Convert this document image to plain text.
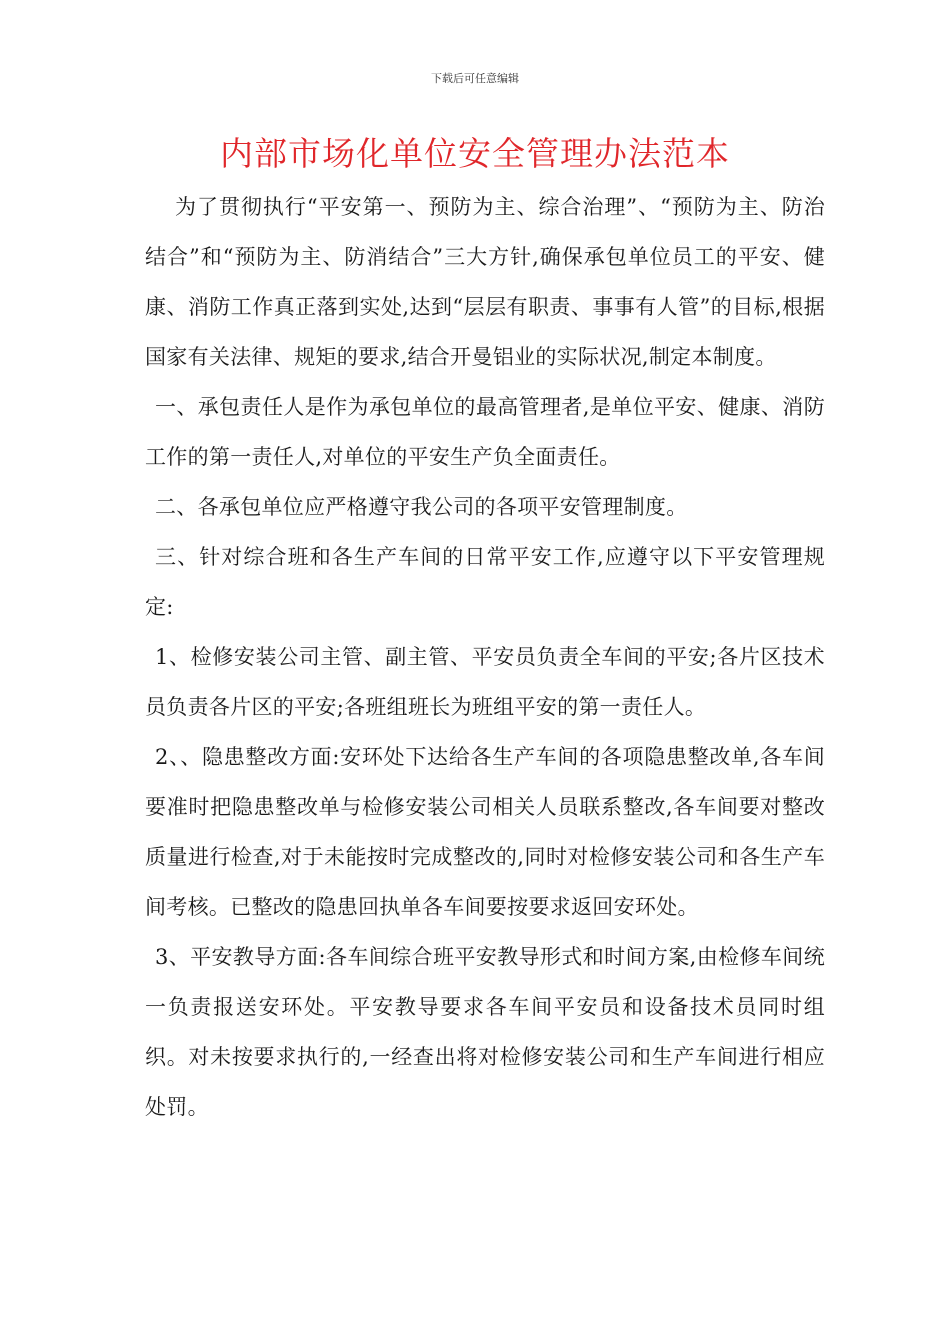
下载后可任意编辑
内部市场化单位安全管理办法范本

为了贯彻执行“平安第一、预防为主、综合治理”、“预防为主、防治结合”和“预防为主、防消结合”三大方针,确保承包单位员工的平安、健康、消防工作真正落到实处,达到“层层有职责、事事有人管”的目标,根据国家有关法律、规矩的要求,结合开曼铝业的实际状况,制定本制度。

一、承包责任人是作为承包单位的最高管理者,是单位平安、健康、消防工作的第一责任人,对单位的平安生产负全面责任。

二、各承包单位应严格遵守我公司的各项平安管理制度。

三、针对综合班和各生产车间的日常平安工作,应遵守以下平安管理规定:

1、检修安装公司主管、副主管、平安员负责全车间的平安;各片区技术员负责各片区的平安;各班组班长为班组平安的第一责任人。

2、、隐患整改方面:安环处下达给各生产车间的各项隐患整改单,各车间要准时把隐患整改单与检修安装公司相关人员联系整改,各车间要对整改质量进行检查,对于未能按时完成整改的,同时对检修安装公司和各生产车间考核。已整改的隐患回执单各车间要按要求返回安环处。

3、平安教导方面:各车间综合班平安教导形式和时间方案,由检修车间统一负责报送安环处。平安教导要求各车间平安员和设备技术员同时组织。对未按要求执行的,一经查出将对检修安装公司和生产车间进行相应处罚。
